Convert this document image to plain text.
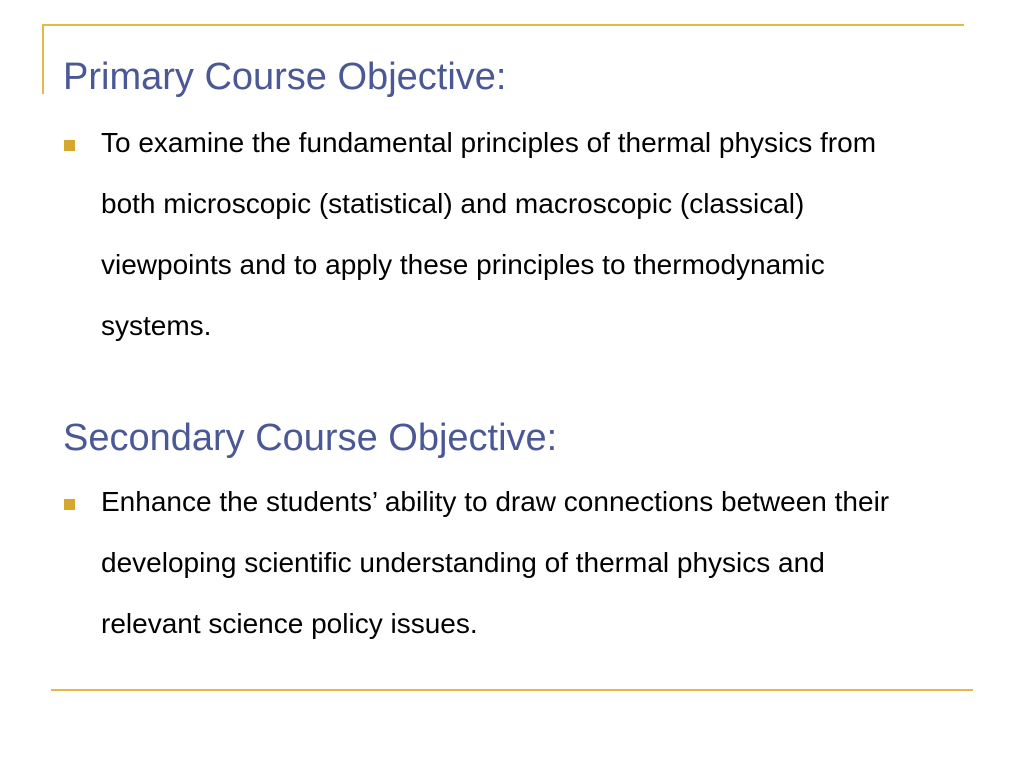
Primary Course Objective:
To examine the fundamental principles of thermal physics from both microscopic (statistical) and macroscopic (classical) viewpoints and to apply these principles to thermodynamic systems.
Secondary Course Objective:
Enhance the students’ ability to draw connections between their developing scientific understanding of thermal physics and relevant science policy issues.
